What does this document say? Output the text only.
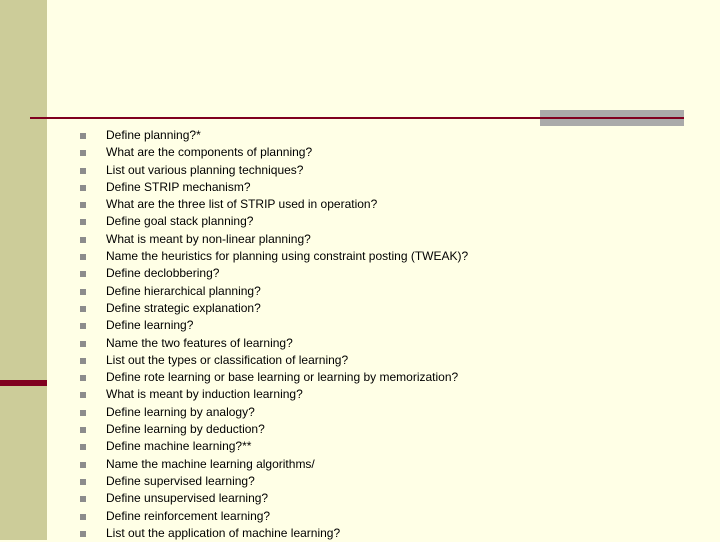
Define planning?*
What are the components of planning?
List out various planning techniques?
Define STRIP mechanism?
What are the three list of STRIP used in operation?
Define goal stack planning?
What is meant by non-linear planning?
Name the heuristics for planning using constraint posting (TWEAK)?
Define declobbering?
Define hierarchical planning?
Define strategic explanation?
Define learning?
Name the two features of learning?
List out the types or classification of learning?
Define rote learning or base learning or learning by memorization?
What is meant by induction learning?
Define learning by analogy?
Define learning by deduction?
Define machine learning?**
Name the machine learning algorithms/
Define supervised learning?
Define unsupervised learning?
Define reinforcement learning?
List out the application of machine learning?
